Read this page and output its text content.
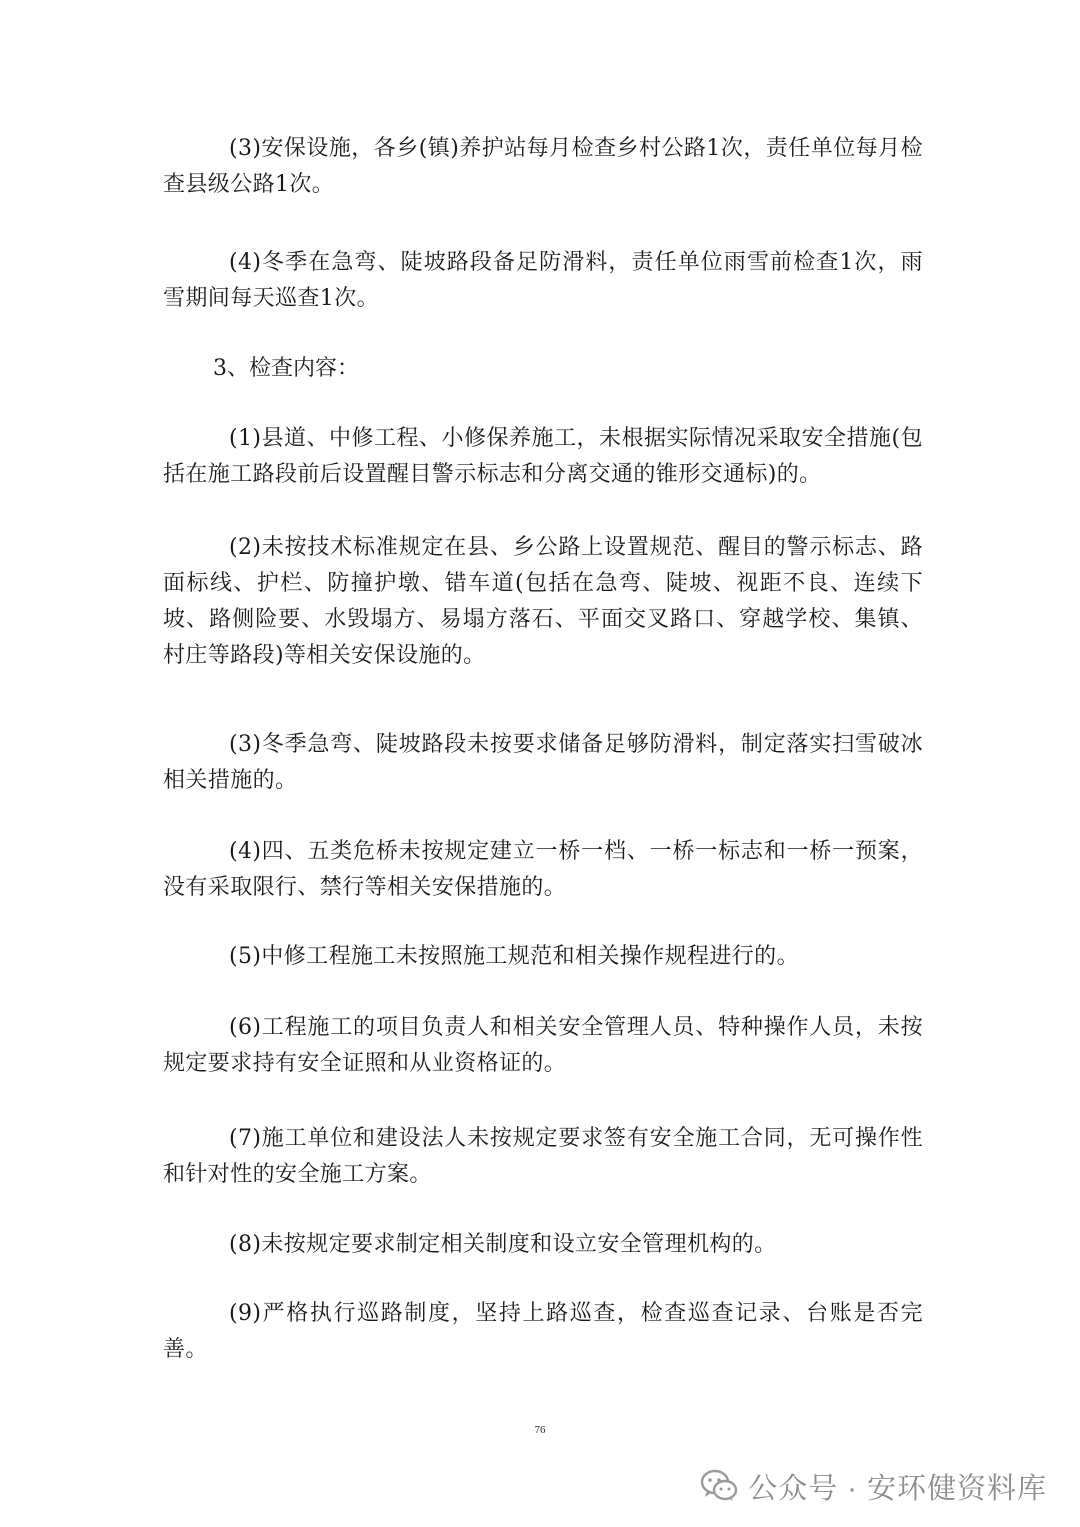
(3)安保设施，各乡(镇)养护站每月检查乡村公路1次，责任单位每月检查县级公路1次。

(4)冬季在急弯、陡坡路段备足防滑料，责任单位雨雪前检查1次，雨雪期间每天巡查1次。

3、检查内容：

(1)县道、中修工程、小修保养施工，未根据实际情况采取安全措施(包括在施工路段前后设置醒目警示标志和分离交通的锥形交通标)的。

(2)未按技术标准规定在县、乡公路上设置规范、醒目的警示标志、路面标线、护栏、防撞护墩、错车道(包括在急弯、陡坡、视距不良、连续下坡、路侧险要、水毁塌方、易塌方落石、平面交叉路口、穿越学校、集镇、村庄等路段)等相关安保设施的。

(3)冬季急弯、陡坡路段未按要求储备足够防滑料，制定落实扫雪破冰相关措施的。

(4)四、五类危桥未按规定建立一桥一档、一桥一标志和一桥一预案，没有采取限行、禁行等相关安保措施的。

(5)中修工程施工未按照施工规范和相关操作规程进行的。

(6)工程施工的项目负责人和相关安全管理人员、特种操作人员，未按规定要求持有安全证照和从业资格证的。

(7)施工单位和建设法人未按规定要求签有安全施工合同，无可操作性和针对性的安全施工方案。

(8)未按规定要求制定相关制度和设立安全管理机构的。

(9)严格执行巡路制度，坚持上路巡查，检查巡查记录、台账是否完善。

76
公众号 · 安环健资料库
